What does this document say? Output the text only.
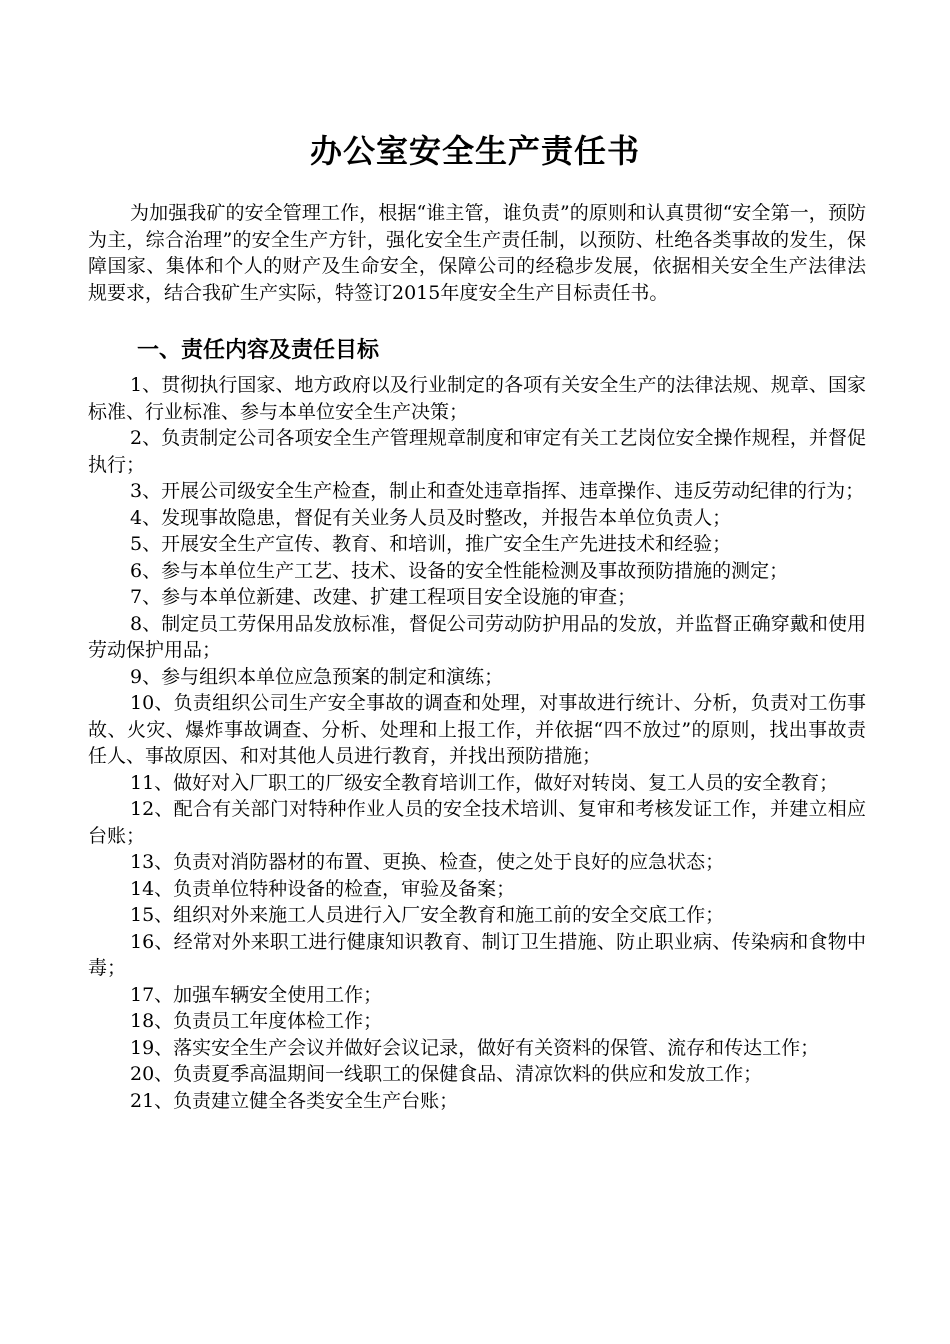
办公室安全生产责任书

为加强我矿的安全管理工作，根据“谁主管，谁负责”的原则和认真贯彻“安全第一，预防为主，综合治理”的安全生产方针，强化安全生产责任制，以预防、杜绝各类事故的发生，保障国家、集体和个人的财产及生命安全，保障公司的经稳步发展，依据相关安全生产法律法规要求，结合我矿生产实际，特签订2015年度安全生产目标责任书。

一、责任内容及责任目标

1、贯彻执行国家、地方政府以及行业制定的各项有关安全生产的法律法规、规章、国家标准、行业标准、参与本单位安全生产决策；

2、负责制定公司各项安全生产管理规章制度和审定有关工艺岗位安全操作规程，并督促执行；

3、开展公司级安全生产检查，制止和查处违章指挥、违章操作、违反劳动纪律的行为；

4、发现事故隐患，督促有关业务人员及时整改，并报告本单位负责人；

5、开展安全生产宣传、教育、和培训，推广安全生产先进技术和经验；

6、参与本单位生产工艺、技术、设备的安全性能检测及事故预防措施的测定；

7、参与本单位新建、改建、扩建工程项目安全设施的审查；

8、制定员工劳保用品发放标准，督促公司劳动防护用品的发放，并监督正确穿戴和使用劳动保护用品；

9、参与组织本单位应急预案的制定和演练；

10、负责组织公司生产安全事故的调查和处理，对事故进行统计、分析，负责对工伤事故、火灾、爆炸事故调查、分析、处理和上报工作，并依据“四不放过”的原则，找出事故责任人、事故原因、和对其他人员进行教育，并找出预防措施；

11、做好对入厂职工的厂级安全教育培训工作，做好对转岗、复工人员的安全教育；

12、配合有关部门对特种作业人员的安全技术培训、复审和考核发证工作，并建立相应台账；

13、负责对消防器材的布置、更换、检查，使之处于良好的应急状态；

14、负责单位特种设备的检查，审验及备案；

15、组织对外来施工人员进行入厂安全教育和施工前的安全交底工作；

16、经常对外来职工进行健康知识教育、制订卫生措施、防止职业病、传染病和食物中毒；

17、加强车辆安全使用工作；

18、负责员工年度体检工作；

19、落实安全生产会议并做好会议记录，做好有关资料的保管、流存和传达工作；

20、负责夏季高温期间一线职工的保健食品、清凉饮料的供应和发放工作；

21、负责建立健全各类安全生产台账；
